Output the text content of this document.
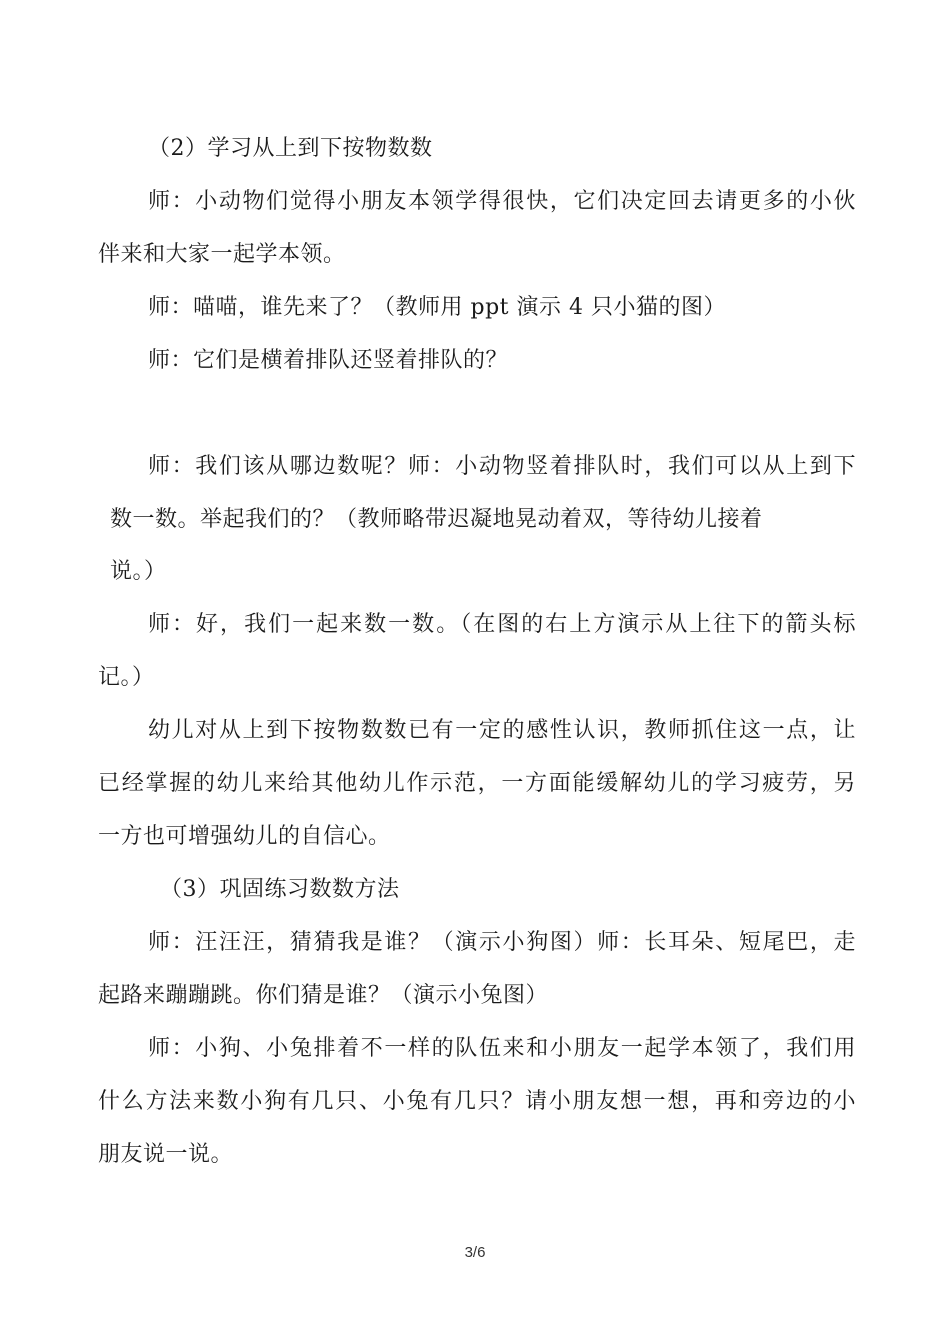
（2）学习从上到下按物数数
师：小动物们觉得小朋友本领学得很快，它们决定回去请更多的小伙
伴来和大家一起学本领。
师：喵喵，谁先来了？（教师用 ppt 演示 4 只小猫的图）
师：它们是横着排队还竖着排队的？
师：我们该从哪边数呢？师：小动物竖着排队时，我们可以从上到下
数一数。举起我们的？（教师略带迟凝地晃动着双，等待幼儿接着
说。）
师：好，我们一起来数一数。（在图的右上方演示从上往下的箭头标
记。）
幼儿对从上到下按物数数已有一定的感性认识，教师抓住这一点，让
已经掌握的幼儿来给其他幼儿作示范，一方面能缓解幼儿的学习疲劳，另
一方也可增强幼儿的自信心。
（3）巩固练习数数方法
师：汪汪汪，猜猜我是谁？（演示小狗图）师：长耳朵、短尾巴，走
起路来蹦蹦跳。你们猜是谁？（演示小兔图）
师：小狗、小兔排着不一样的队伍来和小朋友一起学本领了，我们用
什么方法来数小狗有几只、小兔有几只？请小朋友想一想，再和旁边的小
朋友说一说。
3/6
